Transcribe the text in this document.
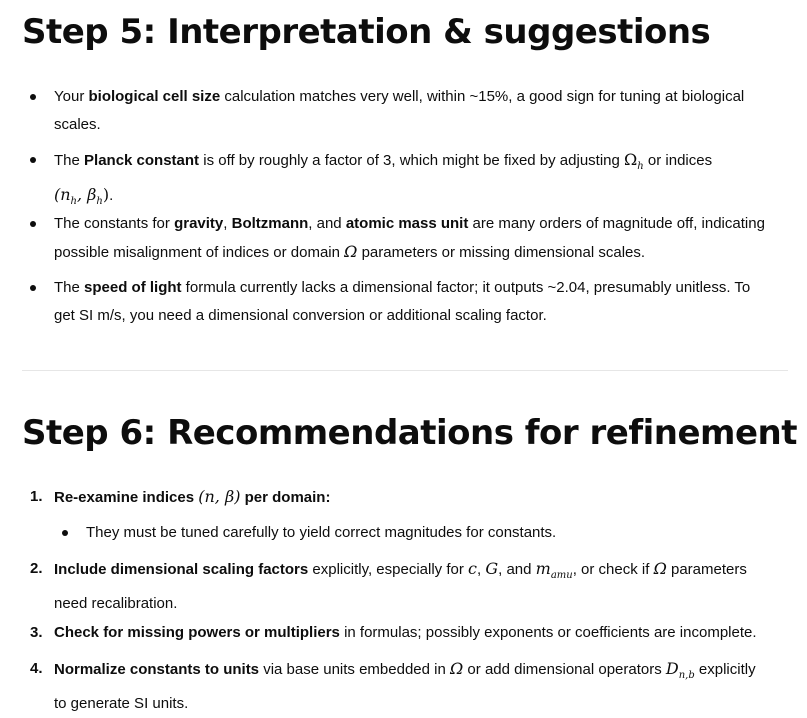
Step 5: Interpretation & suggestions
Your biological cell size calculation matches very well, within ~15%, a good sign for tuning at biological
scales.
The Planck constant is off by roughly a factor of 3, which might be fixed by adjusting $\Omega_h$ or indices
($n_h$, $\beta_h$).
The constants for gravity, Boltzmann, and atomic mass unit are many orders of magnitude off, indicating
possible misalignment of indices or domain Ω parameters or missing dimensional scales.
The speed of light formula currently lacks a dimensional factor; it outputs ~2.04, presumably unitless. To
get SI m/s, you need a dimensional conversion or additional scaling factor.
Step 6: Recommendations for refinement
1. Re-examine indices (n, β) per domain:
They must be tuned carefully to yield correct magnitudes for constants.
2. Include dimensional scaling factors explicitly, especially for c, G, and $m_{amu}$, or check if Ω parameters
need recalibration.
3. Check for missing powers or multipliers in formulas; possibly exponents or coefficients are incomplete.
4. Normalize constants to units via base units embedded in Ω or add dimensional operators $D_{n,b}$ explicitly
to generate SI units.
